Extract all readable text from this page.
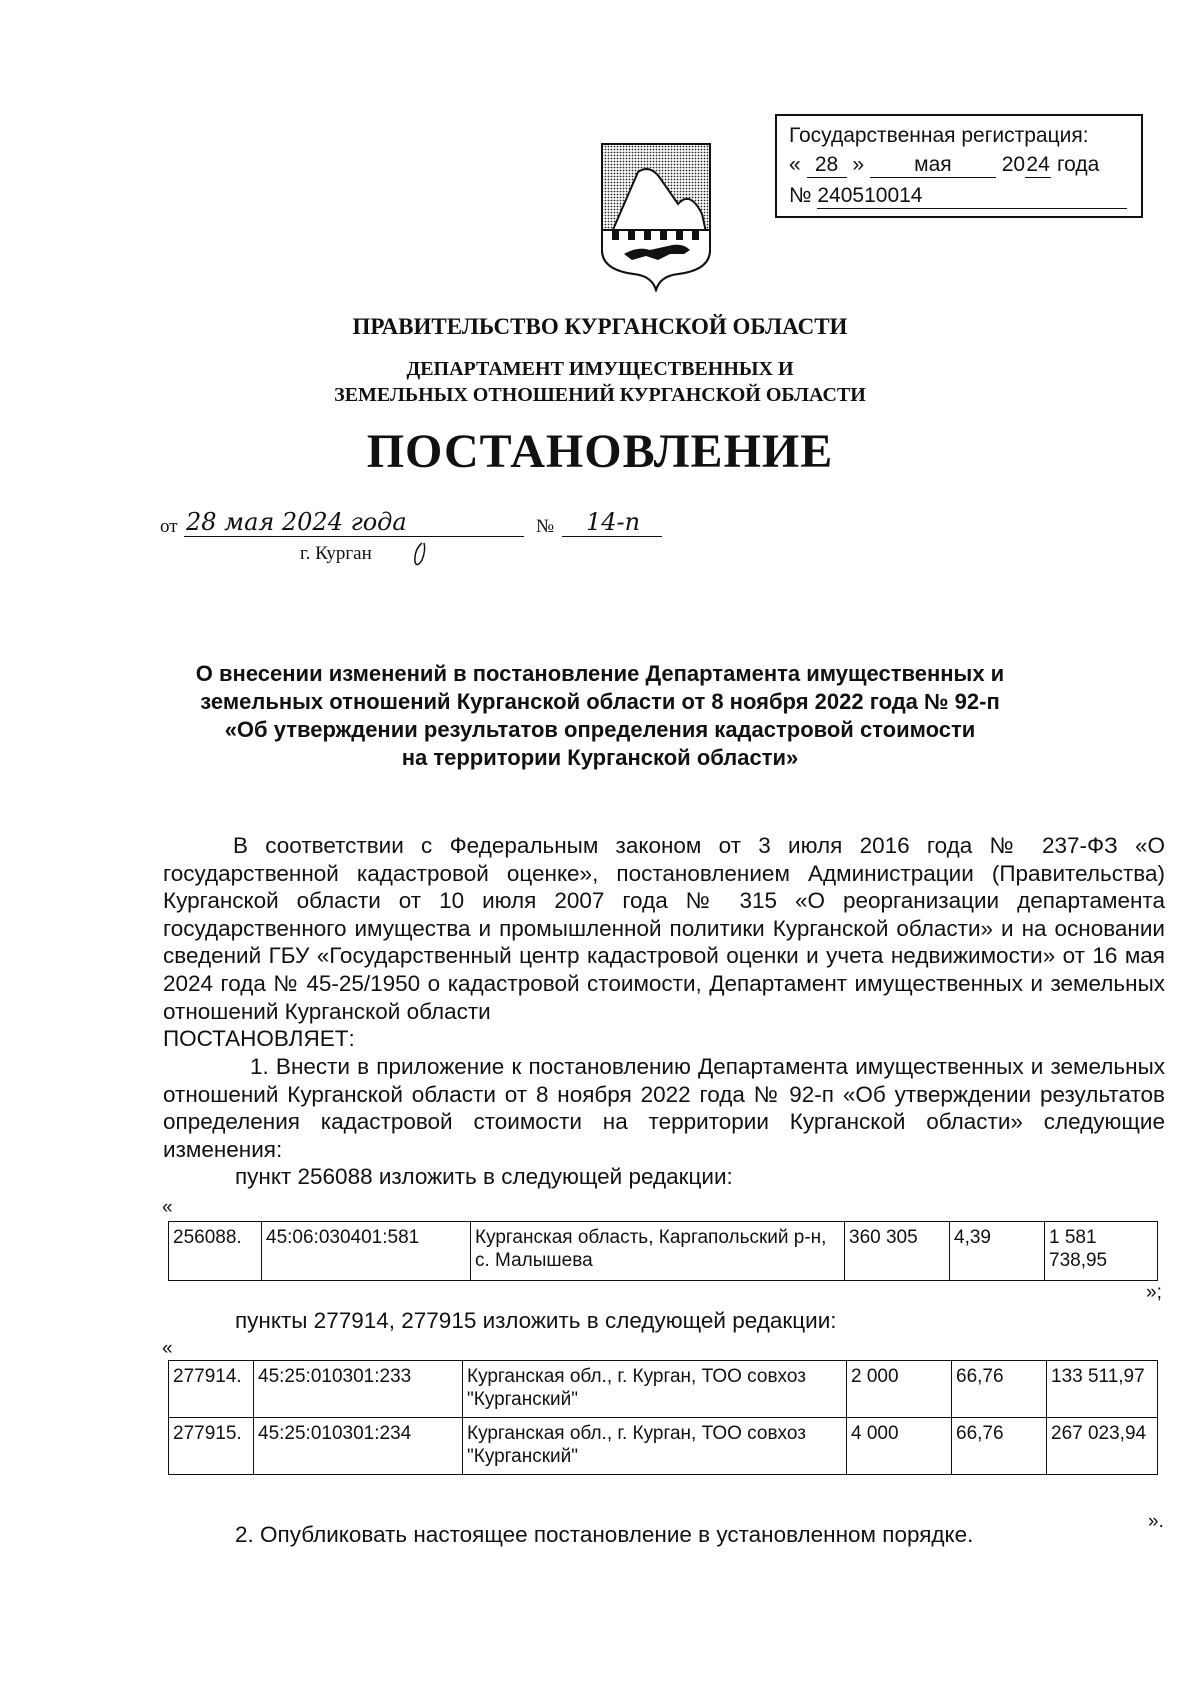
Государственная регистрация:
« 28 » мая 2024 года
№ 240510014
ПРАВИТЕЛЬСТВО КУРГАНСКОЙ ОБЛАСТИ
ДЕПАРТАМЕНТ ИМУЩЕСТВЕННЫХ И
ЗЕМЕЛЬНЫХ ОТНОШЕНИЙ КУРГАНСКОЙ ОБЛАСТИ
ПОСТАНОВЛЕНИЕ
от 28 мая 2024 года	№ 14-п
г. Курган
О внесении изменений в постановление Департамента имущественных и
земельных отношений Курганской области от 8 ноября 2022 года № 92-п
«Об утверждении результатов определения кадастровой стоимости
на территории Курганской области»
В соответствии с Федеральным законом от 3 июля 2016 года № 237-ФЗ «О государственной кадастровой оценке», постановлением Администрации (Правительства) Курганской области от 10 июля 2007 года № 315 «О реорганизации департамента государственного имущества и промышленной политики Курганской области» и на основании сведений ГБУ «Государственный центр кадастровой оценки и учета недвижимости» от 16 мая 2024 года № 45-25/1950 о кадастровой стоимости, Департамент имущественных и земельных отношений Курганской области
ПОСТАНОВЛЯЕТ:
1. Внести в приложение к постановлению Департамента имущественных и земельных отношений Курганской области от 8 ноября 2022 года № 92-п «Об утверждении результатов определения кадастровой стоимости на территории Курганской области» следующие изменения:
пункт 256088 изложить в следующей редакции:
«
256088.	45:06:030401:581	Курганская область, Каргапольский р-н, с. Малышева	360 305	4,39	1 581 738,95
»;
пункты 277914, 277915 изложить в следующей редакции:
«
277914.	45:25:010301:233	Курганская обл., г. Курган, ТОО совхоз "Курганский"	2 000	66,76	133 511,97
277915.	45:25:010301:234	Курганская обл., г. Курган, ТОО совхоз "Курганский"	4 000	66,76	267 023,94
».
2. Опубликовать настоящее постановление в установленном порядке.
